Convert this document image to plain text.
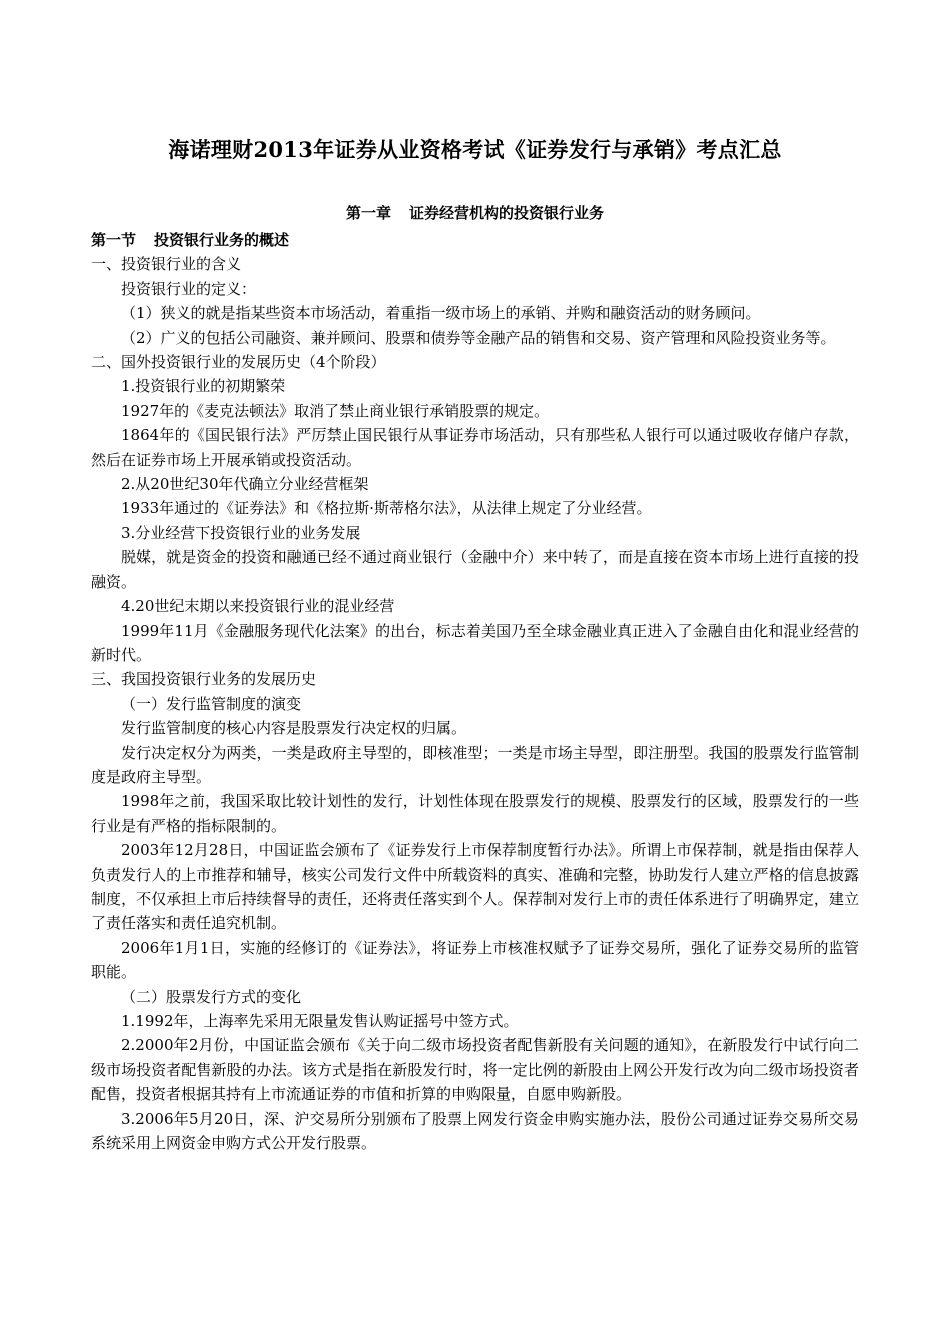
海诺理财2013年证券从业资格考试《证券发行与承销》考点汇总
第一章 证券经营机构的投资银行业务

第一节 投资银行业务的概述

一、投资银行业的含义

投资银行业的定义：

（1）狭义的就是指某些资本市场活动，着重指一级市场上的承销、并购和融资活动的财务顾问。

（2）广义的包括公司融资、兼并顾问、股票和债券等金融产品的销售和交易、资产管理和风险投资业务等。

二、国外投资银行业的发展历史（4个阶段）

1.投资银行业的初期繁荣

1927年的《麦克法顿法》取消了禁止商业银行承销股票的规定。

1864年的《国民银行法》严厉禁止国民银行从事证券市场活动，只有那些私人银行可以通过吸收存储户存款，然后在证券市场上开展承销或投资活动。

2.从20世纪30年代确立分业经营框架

1933年通过的《证券法》和《格拉斯·斯蒂格尔法》，从法律上规定了分业经营。

3.分业经营下投资银行业的业务发展

脱媒，就是资金的投资和融通已经不通过商业银行（金融中介）来中转了，而是直接在资本市场上进行直接的投融资。

4.20世纪末期以来投资银行业的混业经营

1999年11月《金融服务现代化法案》的出台，标志着美国乃至全球金融业真正进入了金融自由化和混业经营的新时代。

三、我国投资银行业务的发展历史

（一）发行监管制度的演变

发行监管制度的核心内容是股票发行决定权的归属。

发行决定权分为两类，一类是政府主导型的，即核准型；一类是市场主导型，即注册型。我国的股票发行监管制度是政府主导型。

1998年之前，我国采取比较计划性的发行，计划性体现在股票发行的规模、股票发行的区域，股票发行的一些行业是有严格的指标限制的。

2003年12月28日，中国证监会颁布了《证券发行上市保荐制度暂行办法》。所谓上市保荐制，就是指由保荐人负责发行人的上市推荐和辅导，核实公司发行文件中所载资料的真实、准确和完整，协助发行人建立严格的信息披露制度，不仅承担上市后持续督导的责任，还将责任落实到个人。保荐制对发行上市的责任体系进行了明确界定，建立了责任落实和责任追究机制。

2006年1月1日，实施的经修订的《证券法》，将证券上市核准权赋予了证券交易所，强化了证券交易所的监管职能。

（二）股票发行方式的变化

1.1992年，上海率先采用无限量发售认购证摇号中签方式。

2.2000年2月份，中国证监会颁布《关于向二级市场投资者配售新股有关问题的通知》，在新股发行中试行向二级市场投资者配售新股的办法。该方式是指在新股发行时，将一定比例的新股由上网公开发行改为向二级市场投资者配售，投资者根据其持有上市流通证券的市值和折算的申购限量，自愿申购新股。

3.2006年5月20日，深、沪交易所分别颁布了股票上网发行资金申购实施办法，股份公司通过证券交易所交易系统采用上网资金申购方式公开发行股票。
